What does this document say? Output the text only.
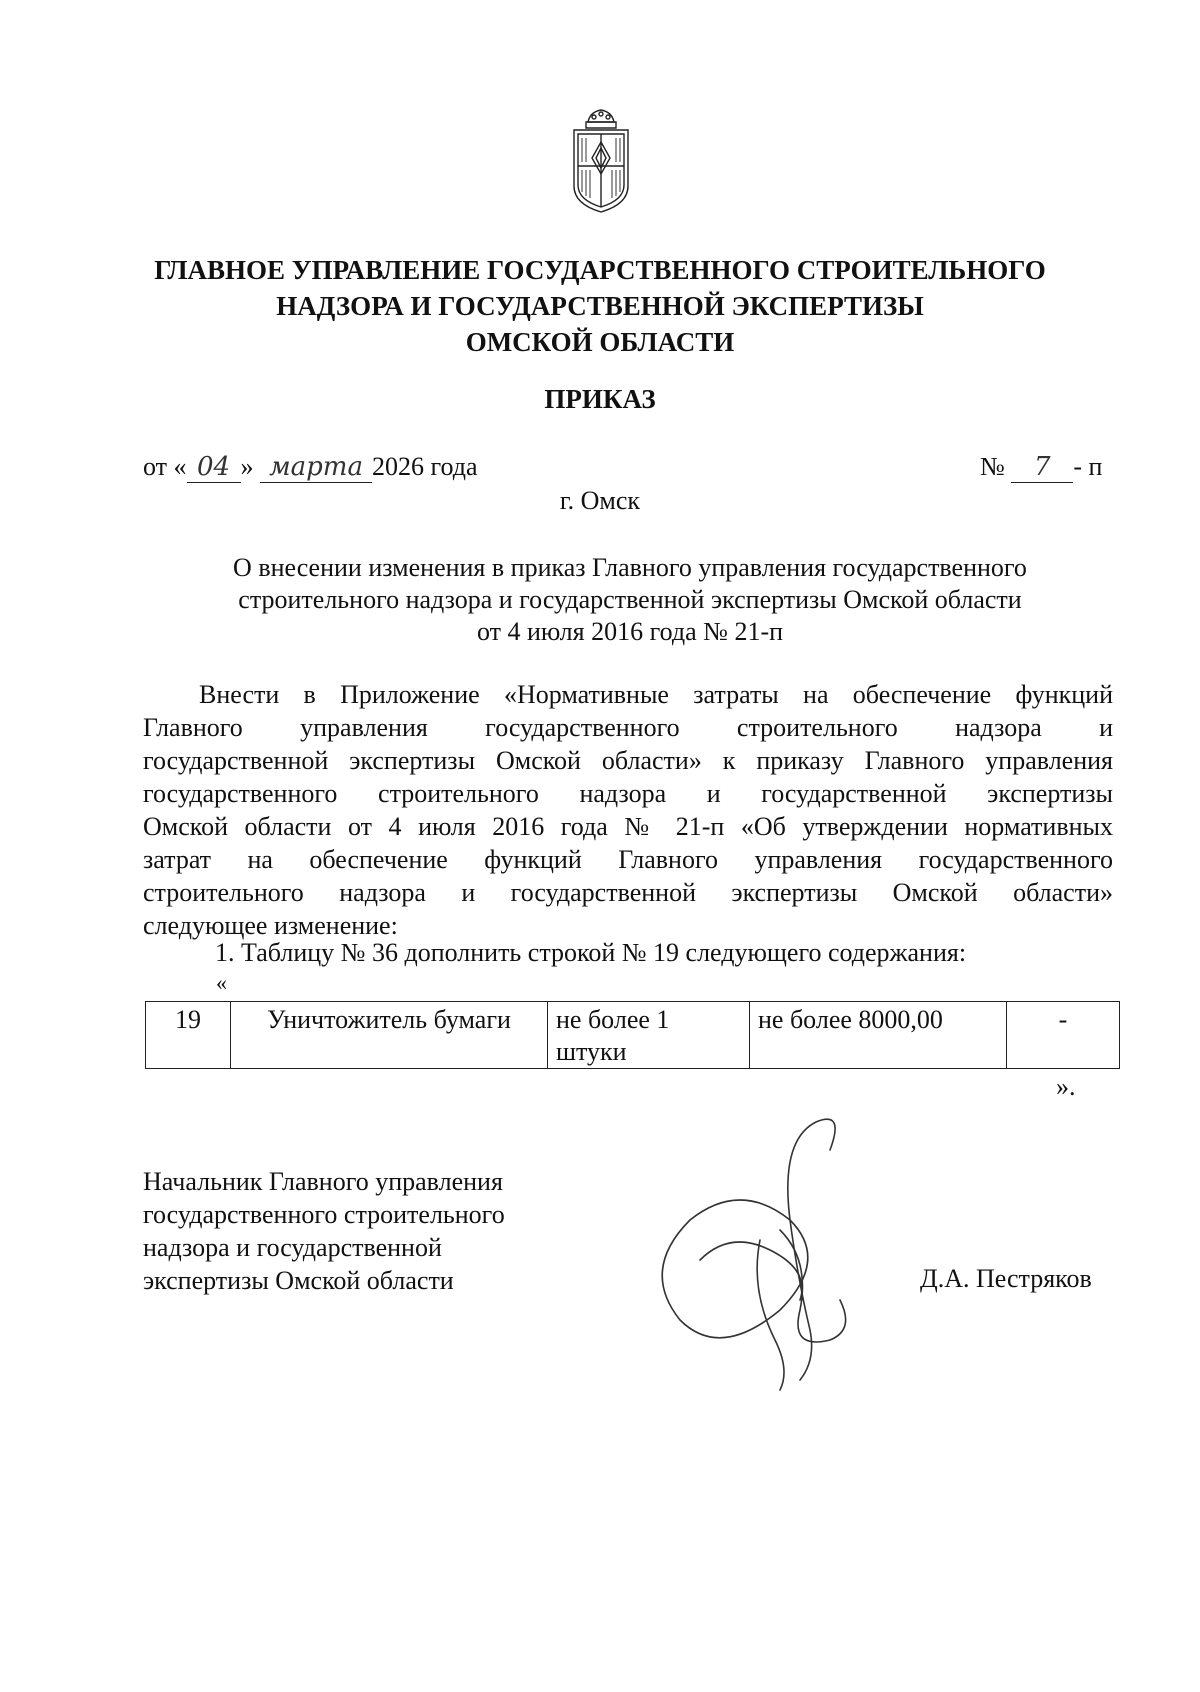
ГЛАВНОЕ УПРАВЛЕНИЕ ГОСУДАРСТВЕННОГО СТРОИТЕЛЬНОГО
НАДЗОРА И ГОСУДАРСТВЕННОЙ ЭКСПЕРТИЗЫ
ОМСКОЙ ОБЛАСТИ
ПРИКАЗ
от « 04 » марта 2026 года	№ 7 - п
г. Омск
О внесении изменения в приказ Главного управления государственного
строительного надзора и государственной экспертизы Омской области
от 4 июля 2016 года № 21-п
Внести в Приложение «Нормативные затраты на обеспечение функций
Главного управления государственного строительного надзора и
государственной экспертизы Омской области» к приказу Главного управления
государственного строительного надзора и государственной экспертизы
Омской области от 4 июля 2016 года № 21-п «Об утверждении нормативных
затрат на обеспечение функций Главного управления государственного
строительного надзора и государственной экспертизы Омской области»
следующее изменение:
1. Таблицу № 36 дополнить строкой № 19 следующего содержания:
«
19	Уничтожитель бумаги	не более 1 штуки	не более 8000,00	-
».
Начальник Главного управления
государственного строительного
надзора и государственной
экспертизы Омской области	Д.А. Пестряков
